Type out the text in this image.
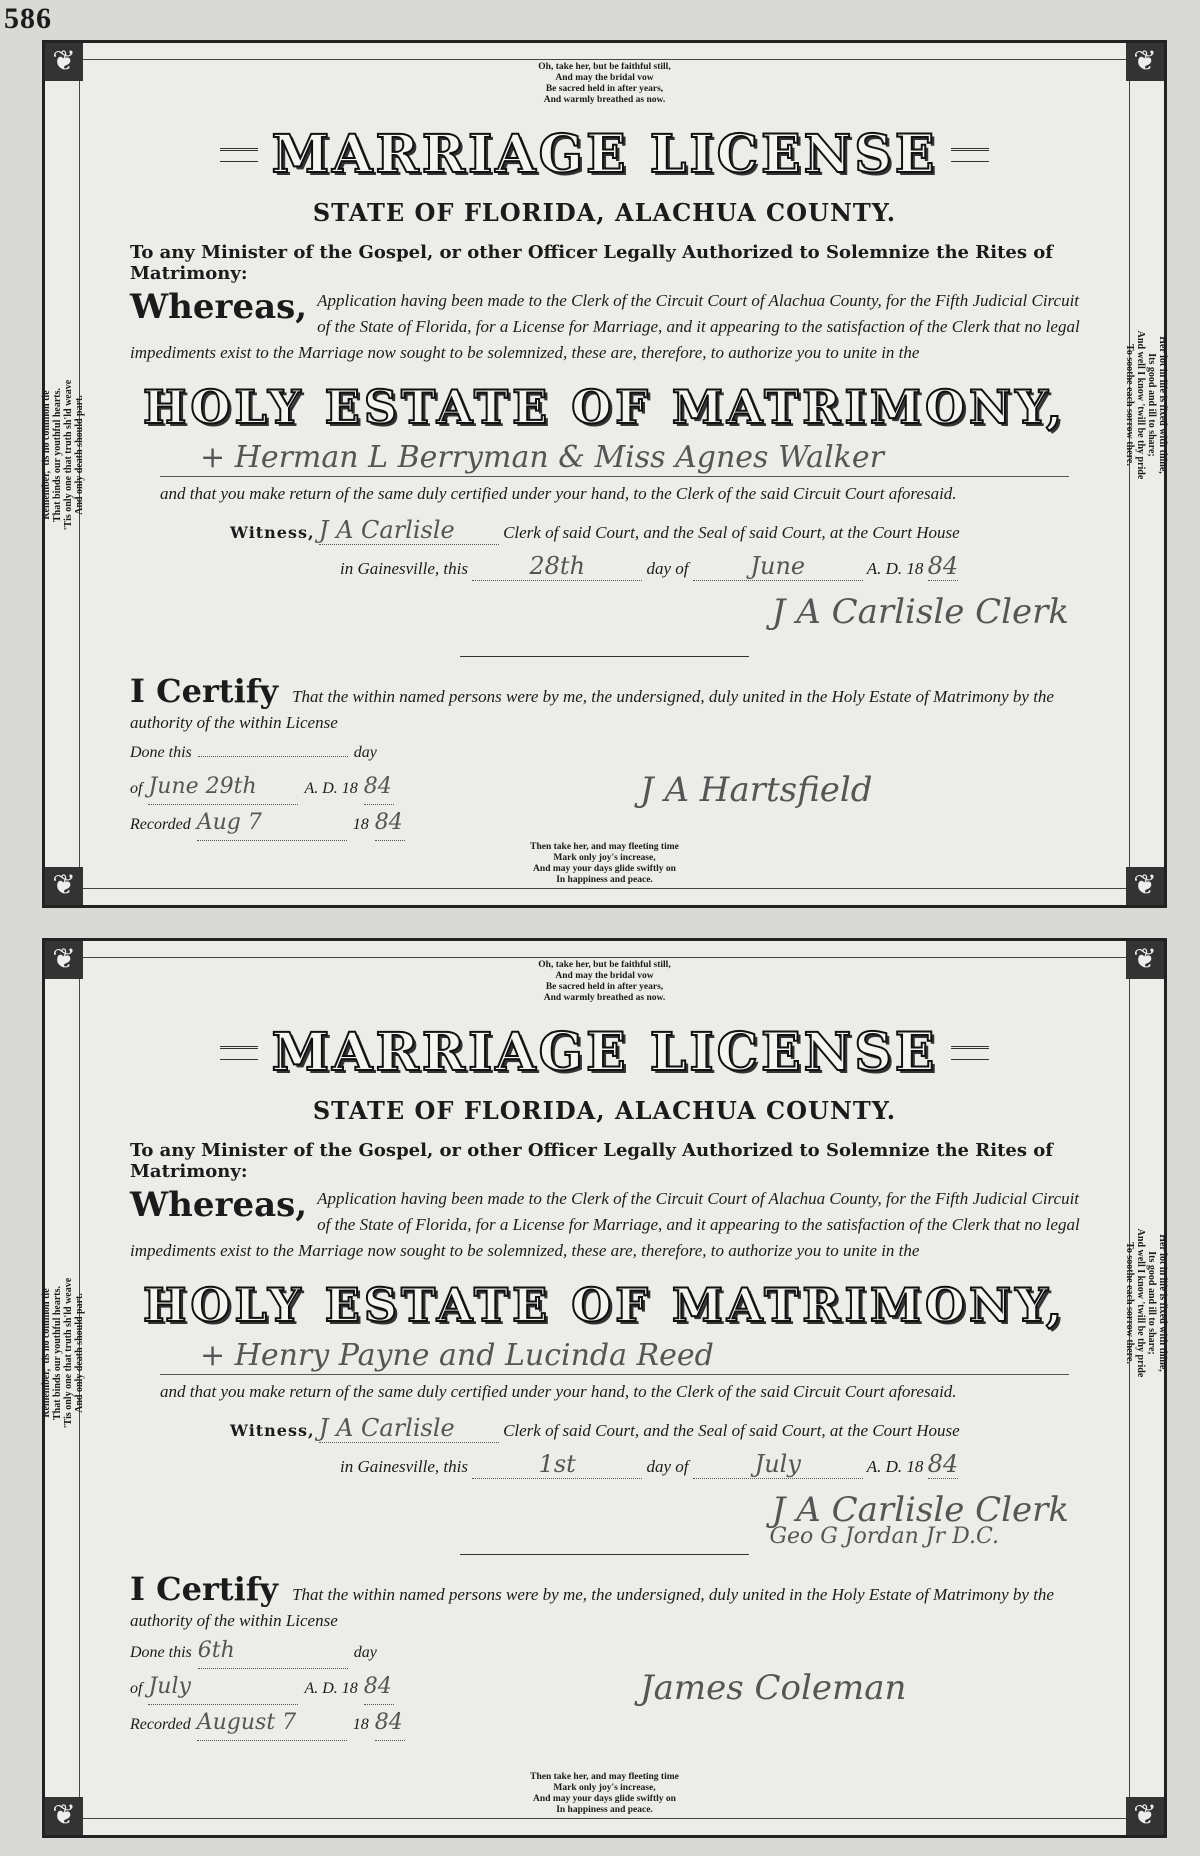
586
Oh, take her, but be faithful still,
And may the bridal vow
Be sacred held in after years,
And warmly breathed as now.
MARRIAGE LICENSE
STATE OF FLORIDA, ALACHUA COUNTY.
To any Minister of the Gospel, or other Officer Legally Authorized to Solemnize the Rites of Matrimony:
Whereas, Application having been made to the Clerk of the Circuit Court of Alachua County, for the Fifth Judicial Circuit of the State of Florida, for a License for Marriage, and it appearing to the satisfaction of the Clerk that no legal impediments exist to the Marriage now sought to be solemnized, these are, therefore, to authorize you to unite in the
HOLY ESTATE OF MATRIMONY,
+ Herman L Berryman & Miss Agnes Walker
and that you make return of the same duly certified under your hand, to the Clerk of the said Circuit Court aforesaid.
Witness, J A Carlisle	Clerk of said Court, and the Seal of said Court, at the Court House
in Gainesville, this	28th	day of	June	A. D. 18 84
J A Carlisle Clerk
I Certify That the within named persons were by me, the undersigned, duly united in the Holy Estate of Matrimony by the authority of the within License
Done this	day
of June 29th	A. D. 18 84
Recorded Aug 7	18 84
J A Hartsfield
Then take her, and may fleeting time
Mark only joy's increase,
And may your days glide swiftly on
In happiness and peace.
Remember, 'tis no common tie
That binds our youthful hearts.
'Tis only one that truth sh'ld weave
And only death should part.
Her lot in life is fixed with thine,
Its good and ill to share;
And well I know 'twill be thy pride
To soothe each sorrow there.
❦	❦
❦	❦
Oh, take her, but be faithful still,
And may the bridal vow
Be sacred held in after years,
And warmly breathed as now.
MARRIAGE LICENSE
STATE OF FLORIDA, ALACHUA COUNTY.
To any Minister of the Gospel, or other Officer Legally Authorized to Solemnize the Rites of Matrimony:
Whereas, Application having been made to the Clerk of the Circuit Court of Alachua County, for the Fifth Judicial Circuit of the State of Florida, for a License for Marriage, and it appearing to the satisfaction of the Clerk that no legal impediments exist to the Marriage now sought to be solemnized, these are, therefore, to authorize you to unite in the
HOLY ESTATE OF MATRIMONY,
+ Henry Payne and Lucinda Reed
and that you make return of the same duly certified under your hand, to the Clerk of the said Circuit Court aforesaid.
Witness, J A Carlisle	Clerk of said Court, and the Seal of said Court, at the Court House
in Gainesville, this	1st	day of	July	A. D. 18 84
J A Carlisle Clerk
Geo G Jordan Jr D.C.
I Certify That the within named persons were by me, the undersigned, duly united in the Holy Estate of Matrimony by the authority of the within License
Done this 6th	day
of July	A. D. 18 84
Recorded August 7	18 84
James Coleman
Then take her, and may fleeting time
Mark only joy's increase,
And may your days glide swiftly on
In happiness and peace.
Remember, 'tis no common tie
That binds our youthful hearts.
'Tis only one that truth sh'ld weave
And only death should part.
Her lot in life is fixed with thine,
Its good and ill to share;
And well I know 'twill be thy pride
To soothe each sorrow there.
❦	❦
❦	❦
